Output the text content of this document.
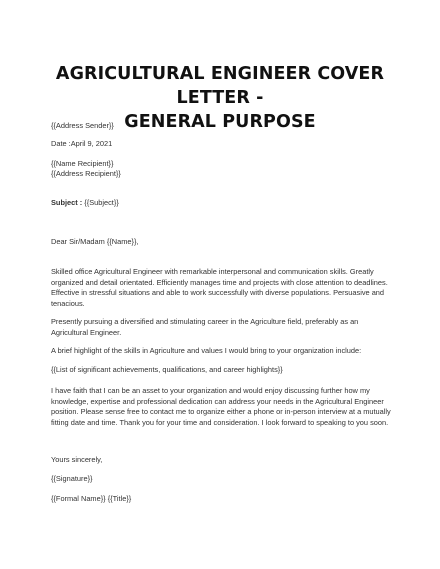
AGRICULTURAL ENGINEER COVER LETTER -
GENERAL PURPOSE

{{Address Sender}}

Date :April 9, 2021

{{Name Recipient}}

{{Address Recipient}}

Subject : {{Subject}}

Dear Sir/Madam {{Name}},

Skilled office Agricultural Engineer with remarkable interpersonal and communication skills. Greatly organized and detail orientated. Efficiently manages time and projects with close attention to deadlines. Effective in stressful situations and able to work successfully with diverse populations. Persuasive and tenacious.

Presently pursuing a diversified and stimulating career in the Agriculture field, preferably as an Agricultural Engineer.

A brief highlight of the skills in Agriculture and values I would bring to your organization include:

{{List of significant achievements, qualifications, and career highlights}}

I have faith that I can be an asset to your organization and would enjoy discussing further how my knowledge, expertise and professional dedication can address your needs in the Agricultural Engineer position. Please sense free to contact me to organize either a phone or in-person interview at a mutually fitting date and time. Thank you for your time and consideration. I look forward to speaking to you soon.

Yours sincerely,

{{Signature}}

{{Formal Name}} {{Title}}
